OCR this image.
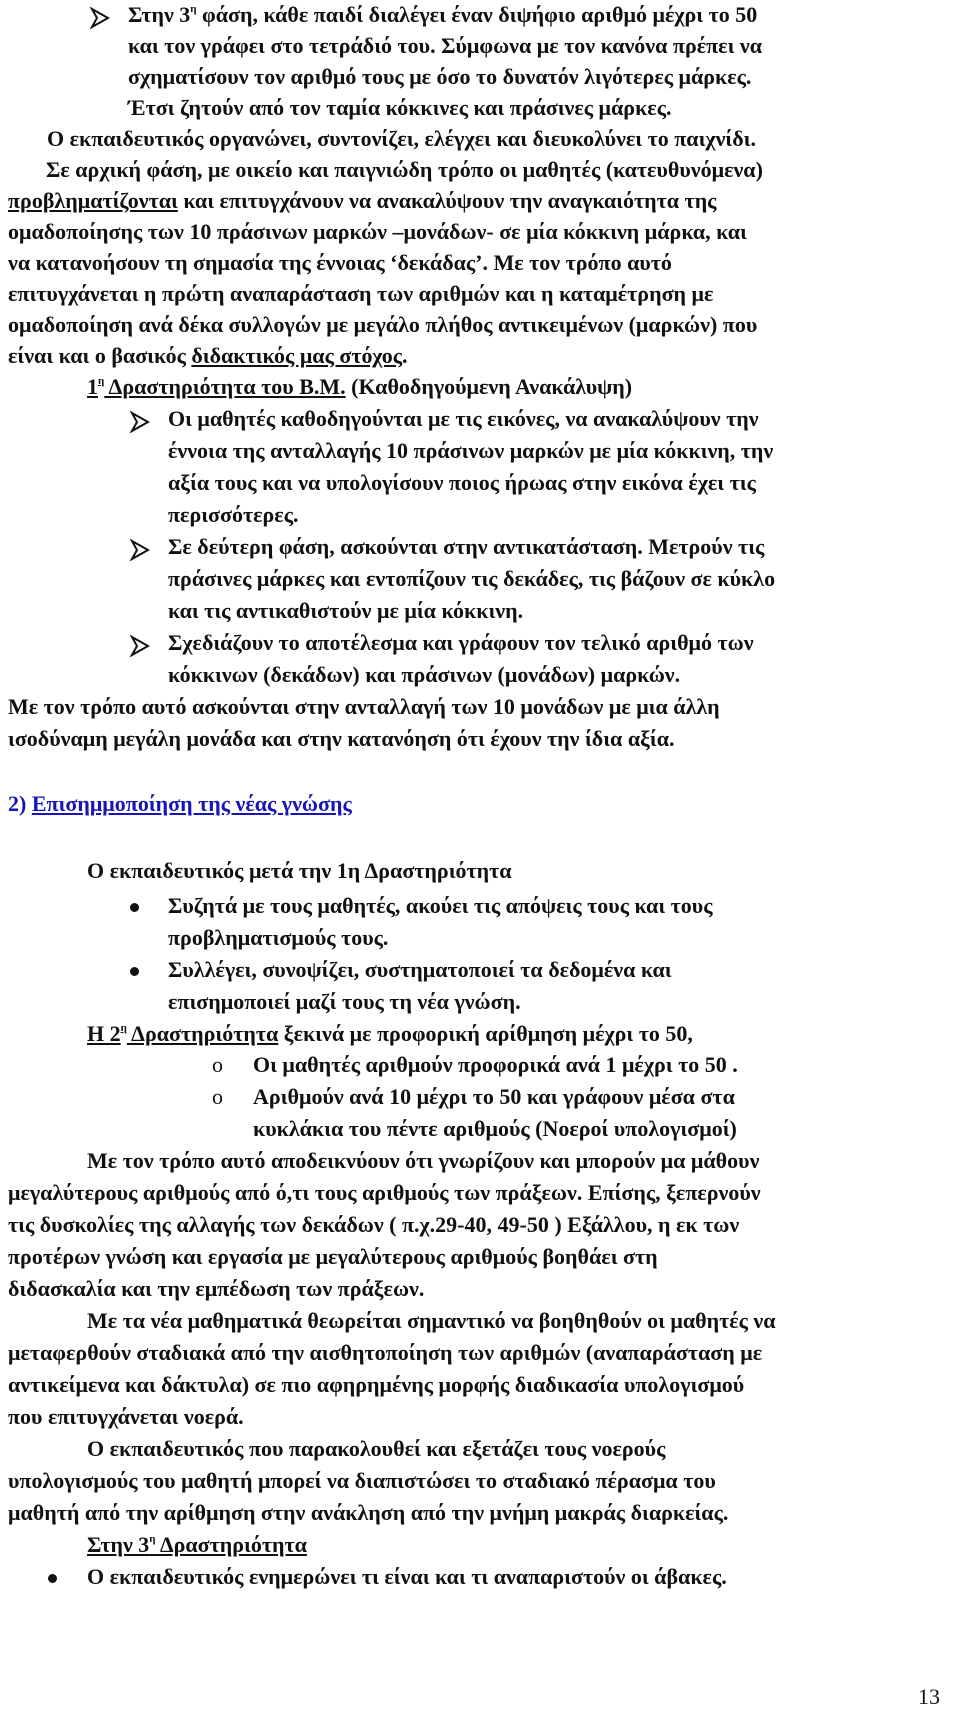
Στην $3^\eta$ φάση, κάθε παιδί διαλέγει έναν διψήφιο αριθμό μέχρι το 50
και τον γράφει στο τετράδιό του. Σύμφωνα με τον κανόνα πρέπει να
σχηματίσουν τον αριθμό τους με όσο το δυνατόν λιγότερες μάρκες.
Έτσι ζητούν από τον ταμία κόκκινες και πράσινες μάρκες.
Ο εκπαιδευτικός οργανώνει, συντονίζει, ελέγχει και διευκολύνει το παιχνίδι.
Σε αρχική φάση, με οικείο και παιγνιώδη τρόπο οι μαθητές (κατευθυνόμενα)
προβληματίζονται και επιτυγχάνουν να ανακαλύψουν την αναγκαιότητα της
ομαδοποίησης των 10 πράσινων μαρκών –μονάδων- σε μία κόκκινη μάρκα, και
να κατανοήσουν τη σημασία της έννοιας ‘δεκάδας’. Με τον τρόπο αυτό
επιτυγχάνεται η πρώτη αναπαράσταση των αριθμών και η καταμέτρηση με
ομαδοποίηση ανά δέκα συλλογών με μεγάλο πλήθος αντικειμένων (μαρκών) που
είναι και ο βασικός διδακτικός μας στόχος.
$1^\eta$ Δραστηριότητα του Β.Μ. (Καθοδηγούμενη Ανακάλυψη)
Οι μαθητές καθοδηγούνται με τις εικόνες, να ανακαλύψουν την
έννοια της ανταλλαγής 10 πράσινων μαρκών με μία κόκκινη, την
αξία τους και να υπολογίσουν ποιος ήρωας στην εικόνα έχει τις
περισσότερες.
Σε δεύτερη φάση, ασκούνται στην αντικατάσταση. Μετρούν τις
πράσινες μάρκες και εντοπίζουν τις δεκάδες, τις βάζουν σε κύκλο
και τις αντικαθιστούν με μία κόκκινη.
Σχεδιάζουν το αποτέλεσμα και γράφουν τον τελικό αριθμό των
κόκκινων (δεκάδων) και πράσινων (μονάδων) μαρκών.
Με τον τρόπο αυτό ασκούνται στην ανταλλαγή των 10 μονάδων με μια άλλη
ισοδύναμη μεγάλη μονάδα και στην κατανόηση ότι έχουν την ίδια αξία.
2) Επισημμοποίηση της νέας γνώσης
Ο εκπαιδευτικός μετά την 1η Δραστηριότητα
Συζητά με τους μαθητές, ακούει τις απόψεις τους και τους
προβληματισμούς τους.
Συλλέγει, συνοψίζει, συστηματοποιεί τα δεδομένα και
επισημοποιεί μαζί τους τη νέα γνώση.
Η $2^\eta$ Δραστηριότητα ξεκινά με προφορική αρίθμηση μέχρι το 50,
o Οι μαθητές αριθμούν προφορικά ανά 1 μέχρι το 50 .
o Αριθμούν ανά 10 μέχρι το 50 και γράφουν μέσα στα
κυκλάκια του πέντε αριθμούς (Νοεροί υπολογισμοί)
Με τον τρόπο αυτό αποδεικνύουν ότι γνωρίζουν και μπορούν μα μάθουν
μεγαλύτερους αριθμούς από ό,τι τους αριθμούς των πράξεων. Επίσης, ξεπερνούν
τις δυσκολίες της αλλαγής των δεκάδων ( π.χ.29-40, 49-50 ) Εξάλλου, η εκ των
προτέρων γνώση και εργασία με μεγαλύτερους αριθμούς βοηθάει στη
διδασκαλία και την εμπέδωση των πράξεων.
Με τα νέα μαθηματικά θεωρείται σημαντικό να βοηθηθούν οι μαθητές να
μεταφερθούν σταδιακά από την αισθητοποίηση των αριθμών (αναπαράσταση με
αντικείμενα και δάκτυλα) σε πιο αφηρημένης μορφής διαδικασία υπολογισμού
που επιτυγχάνεται νοερά.
Ο εκπαιδευτικός που παρακολουθεί και εξετάζει τους νοερούς
υπολογισμούς του μαθητή μπορεί να διαπιστώσει το σταδιακό πέρασμα του
μαθητή από την αρίθμηση στην ανάκληση από την μνήμη μακράς διαρκείας.
Στην $3^\eta$ Δραστηριότητα
Ο εκπαιδευτικός ενημερώνει τι είναι και τι αναπαριστούν οι άβακες.
13
